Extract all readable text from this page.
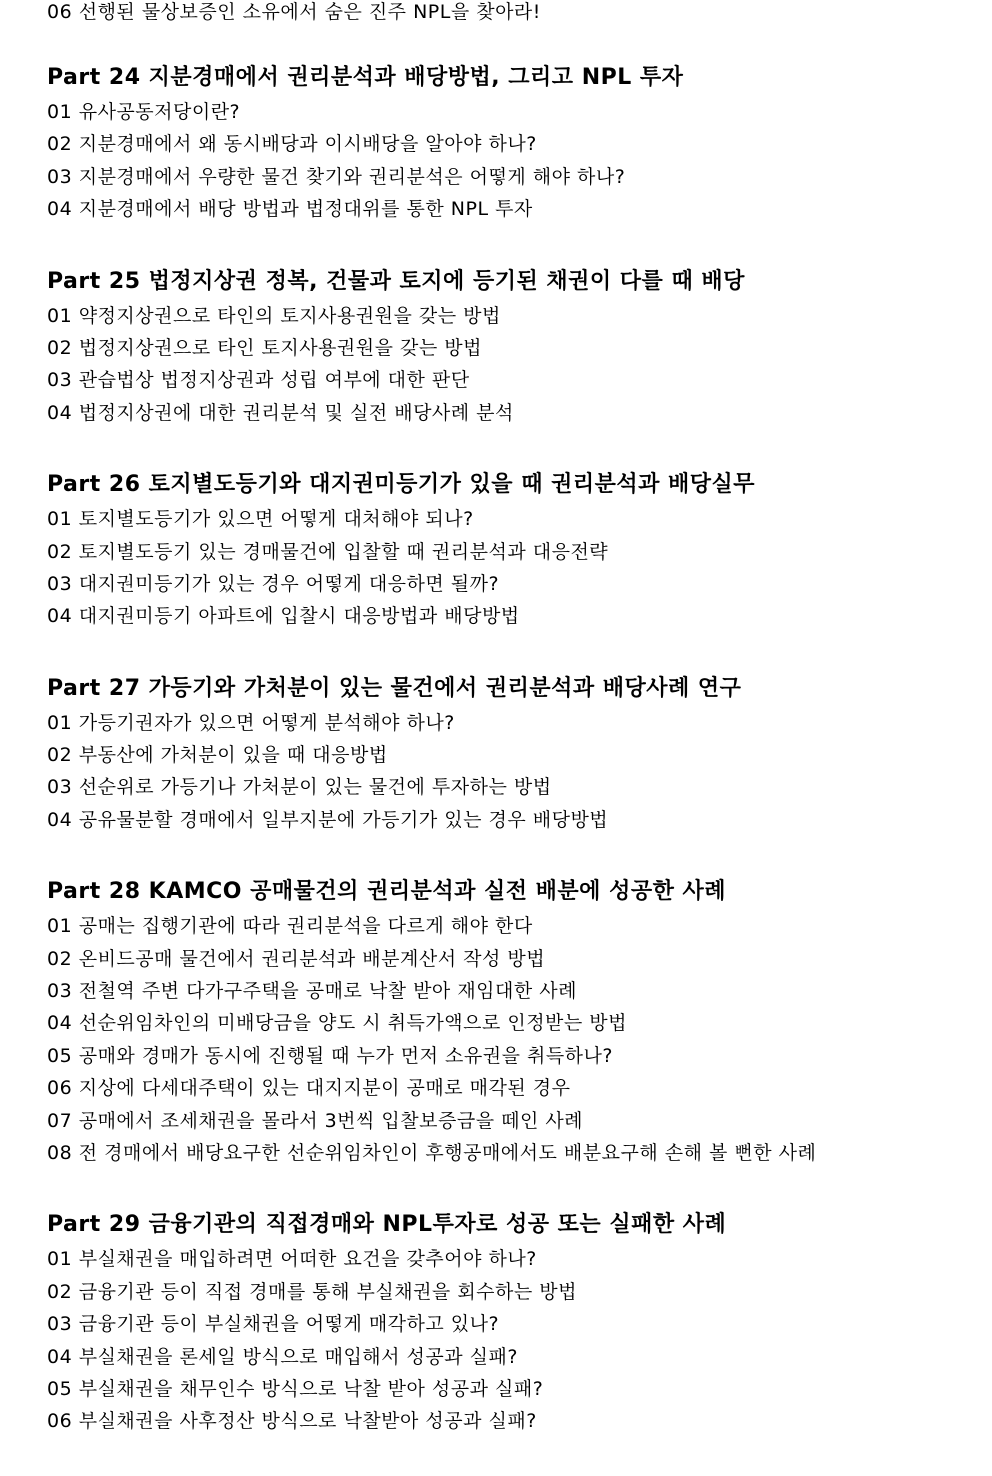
06 선행된 물상보증인 소유에서 숨은 진주 NPL을 찾아라!
Part 24 지분경매에서 권리분석과 배당방법, 그리고 NPL 투자
01 유사공동저당이란?
02 지분경매에서 왜 동시배당과 이시배당을 알아야 하나?
03 지분경매에서 우량한 물건 찾기와 권리분석은 어떻게 해야 하나?
04 지분경매에서 배당 방법과 법정대위를 통한 NPL 투자
Part 25 법정지상권 정복, 건물과 토지에 등기된 채권이 다를 때 배당
01 약정지상권으로 타인의 토지사용권원을 갖는 방법
02 법정지상권으로 타인 토지사용권원을 갖는 방법
03 관습법상 법정지상권과 성립 여부에 대한 판단
04 법정지상권에 대한 권리분석 및 실전 배당사례 분석
Part 26 토지별도등기와 대지권미등기가 있을 때 권리분석과 배당실무
01 토지별도등기가 있으면 어떻게 대처해야 되나?
02 토지별도등기 있는 경매물건에 입찰할 때 권리분석과 대응전략
03 대지권미등기가 있는 경우 어떻게 대응하면 될까?
04 대지권미등기 아파트에 입찰시 대응방법과 배당방법
Part 27 가등기와 가처분이 있는 물건에서 권리분석과 배당사례 연구
01 가등기권자가 있으면 어떻게 분석해야 하나?
02 부동산에 가처분이 있을 때 대응방법
03 선순위로 가등기나 가처분이 있는 물건에 투자하는 방법
04 공유물분할 경매에서 일부지분에 가등기가 있는 경우 배당방법
Part 28 KAMCO 공매물건의 권리분석과 실전 배분에 성공한 사례
01 공매는 집행기관에 따라 권리분석을 다르게 해야 한다
02 온비드공매 물건에서 권리분석과 배분계산서 작성 방법
03 전철역 주변 다가구주택을 공매로 낙찰 받아 재임대한 사례
04 선순위임차인의 미배당금을 양도 시 취득가액으로 인정받는 방법
05 공매와 경매가 동시에 진행될 때 누가 먼저 소유권을 취득하나?
06 지상에 다세대주택이 있는 대지지분이 공매로 매각된 경우
07 공매에서 조세채권을 몰라서 3번씩 입찰보증금을 떼인 사례
08 전 경매에서 배당요구한 선순위임차인이 후행공매에서도 배분요구해 손해 볼 뻔한 사례
Part 29 금융기관의 직접경매와 NPL투자로 성공 또는 실패한 사례
01 부실채권을 매입하려면 어떠한 요건을 갖추어야 하나?
02 금융기관 등이 직접 경매를 통해 부실채권을 회수하는 방법
03 금융기관 등이 부실채권을 어떻게 매각하고 있나?
04 부실채권을 론세일 방식으로 매입해서 성공과 실패?
05 부실채권을 채무인수 방식으로 낙찰 받아 성공과 실패?
06 부실채권을 사후정산 방식으로 낙찰받아 성공과 실패?
